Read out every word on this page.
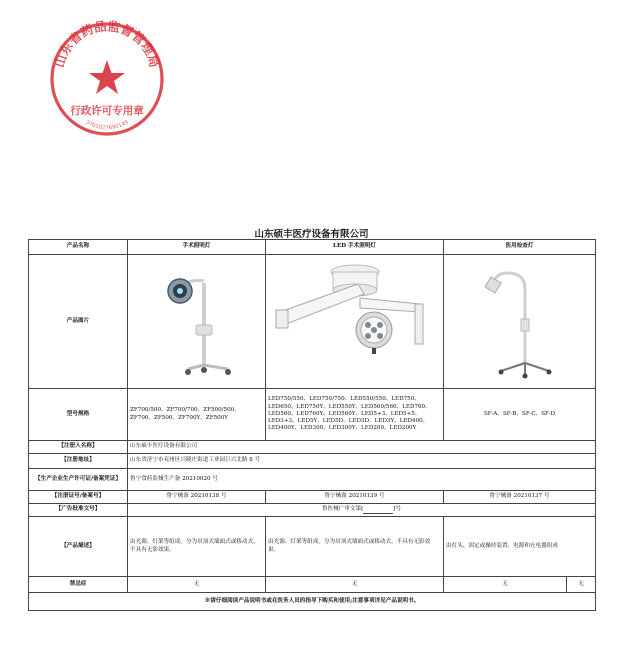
山东省药品监督管理局
行政许可专用章
3701027690149
山东硕丰医疗设备有限公司
产品名称	手术照明灯	LED 手术照明灯	医用检查灯	
产品图片	

型号规格	ZF700/500、ZF700/700、ZF500/500、ZF700、ZF500、ZF700Y、ZF500Y	LED750/550、LED750/750、LED550/550、LED750、LED650、LED750Y、LED550Y、LED560/560、LED760、LED560、LED760Y、LED560Y、LED5+3、LED5+5、LED3+3、LED5Y、LED5D、LED3D、LED3Y、LED400、LED400Y、LED300、LED300Y、LED200、LED200Y	SF-A、SF-B、SF-C、SF-D	
【注册人名称】	山东硕丰医疗设备有限公司			
【注册地址】	山东省济宁市兖州区兴隆庄街道工业园巨兴北路 8 号			
【生产企业生产许可证/备案凭证】	鲁宁食药监械生产备 20210020 号			
【注册证号/备案号】	鲁宁械备 20210138 号	鲁宁械备 20210139 号	鲁宁械备 20210137 号	
【广告批准文号】	鲁医械广审文第[ ]号			
【产品描述】	由光源、灯架等组成。分为吊顶式墙面式或移动式，不具有无影效果。	由光源、灯架等组成。分为吊顶式墙面式或移动式，不具有无影效果。	由灯头、固定或操持装置、电源和充电器组成	
禁忌症	无	无	无	无
※请仔细阅读产品说明书或在医务人员的指导下购买和使用;注意事项详见产品说明书。				
